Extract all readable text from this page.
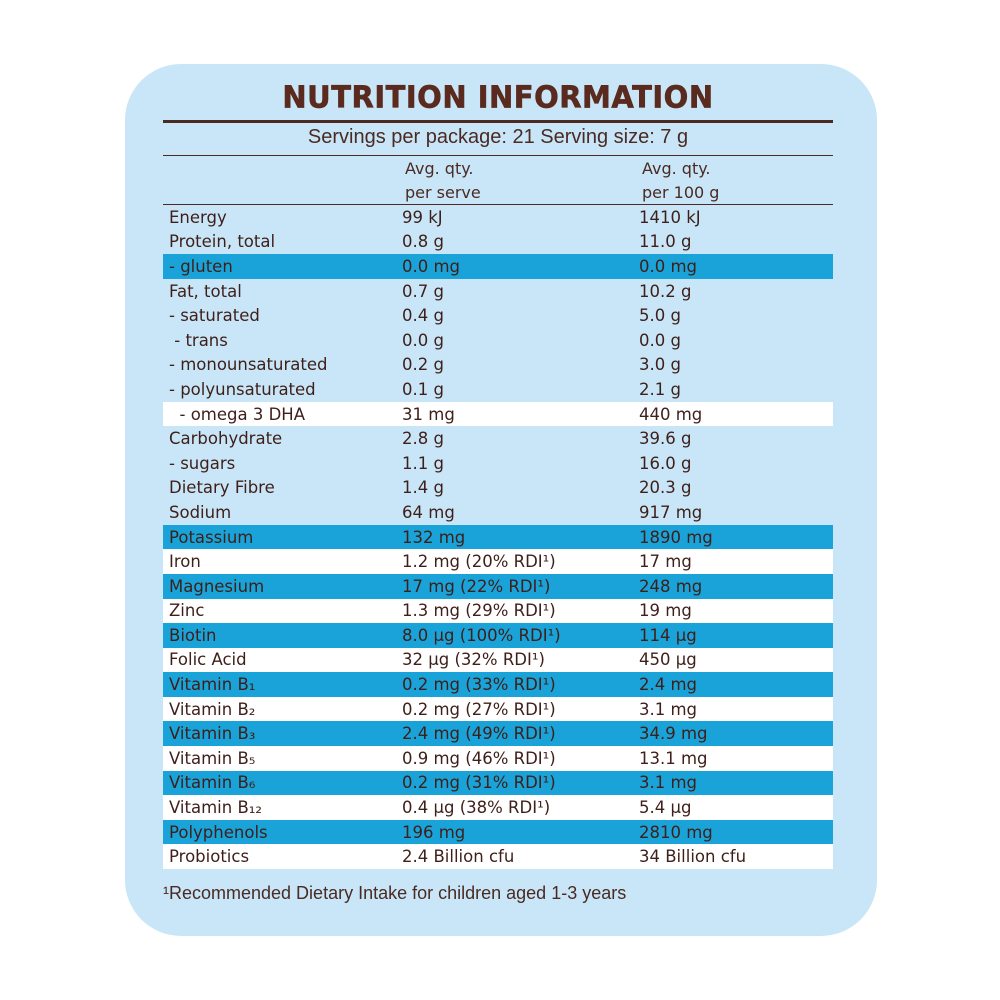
NUTRITION INFORMATION
Servings per package: 21 Serving size: 7 g
Avg. qty.
per serve
Avg. qty.
per 100 g
Energy	99 kJ	1410 kJ
Protein, total	0.8 g	11.0 g
- gluten	0.0 mg	0.0 mg
Fat, total	0.7 g	10.2 g
- saturated	0.4 g	5.0 g
- trans	0.0 g	0.0 g
- monounsaturated	0.2 g	3.0 g
- polyunsaturated	0.1 g	2.1 g
- omega 3 DHA	31 mg	440 mg
Carbohydrate	2.8 g	39.6 g
- sugars	1.1 g	16.0 g
Dietary Fibre	1.4 g	20.3 g
Sodium	64 mg	917 mg
Potassium	132 mg	1890 mg
Iron	1.2 mg (20% RDI¹)	17 mg
Magnesium	17 mg (22% RDI¹)	248 mg
Zinc	1.3 mg (29% RDI¹)	19 mg
Biotin	8.0 µg (100% RDI¹)	114 µg
Folic Acid	32 µg (32% RDI¹)	450 µg
Vitamin B₁	0.2 mg (33% RDI¹)	2.4 mg
Vitamin B₂	0.2 mg (27% RDI¹)	3.1 mg
Vitamin B₃	2.4 mg (49% RDI¹)	34.9 mg
Vitamin B₅	0.9 mg (46% RDI¹)	13.1 mg
Vitamin B₆	0.2 mg (31% RDI¹)	3.1 mg
Vitamin B₁₂	0.4 µg (38% RDI¹)	5.4 µg
Polyphenols	196 mg	2810 mg
Probiotics	2.4 Billion cfu	34 Billion cfu
¹Recommended Dietary Intake for children aged 1-3 years
